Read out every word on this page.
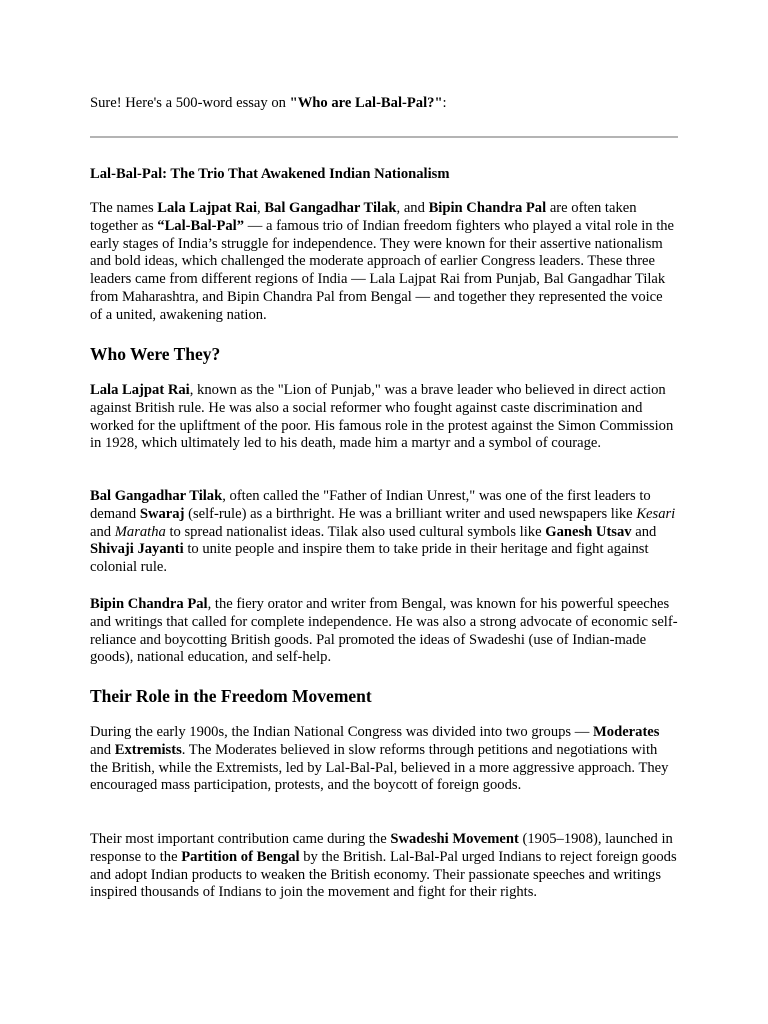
Sure! Here's a 500-word essay on "Who are Lal-Bal-Pal?":

Lal-Bal-Pal: The Trio That Awakened Indian Nationalism

The names Lala Lajpat Rai, Bal Gangadhar Tilak, and Bipin Chandra Pal are often taken together as “Lal-Bal-Pal” — a famous trio of Indian freedom fighters who played a vital role in the early stages of India’s struggle for independence. They were known for their assertive nationalism and bold ideas, which challenged the moderate approach of earlier Congress leaders. These three leaders came from different regions of India — Lala Lajpat Rai from Punjab, Bal Gangadhar Tilak from Maharashtra, and Bipin Chandra Pal from Bengal — and together they represented the voice of a united, awakening nation.

Who Were They?

Lala Lajpat Rai, known as the "Lion of Punjab," was a brave leader who believed in direct action against British rule. He was also a social reformer who fought against caste discrimination and worked for the upliftment of the poor. His famous role in the protest against the Simon Commission in 1928, which ultimately led to his death, made him a martyr and a symbol of courage.

Bal Gangadhar Tilak, often called the "Father of Indian Unrest," was one of the first leaders to demand Swaraj (self-rule) as a birthright. He was a brilliant writer and used newspapers like Kesari and Maratha to spread nationalist ideas. Tilak also used cultural symbols like Ganesh Utsav and Shivaji Jayanti to unite people and inspire them to take pride in their heritage and fight against colonial rule.

Bipin Chandra Pal, the fiery orator and writer from Bengal, was known for his powerful speeches and writings that called for complete independence. He was also a strong advocate of economic self-reliance and boycotting British goods. Pal promoted the ideas of Swadeshi (use of Indian-made goods), national education, and self-help.

Their Role in the Freedom Movement

During the early 1900s, the Indian National Congress was divided into two groups — Moderates and Extremists. The Moderates believed in slow reforms through petitions and negotiations with the British, while the Extremists, led by Lal-Bal-Pal, believed in a more aggressive approach. They encouraged mass participation, protests, and the boycott of foreign goods.

Their most important contribution came during the Swadeshi Movement (1905–1908), launched in response to the Partition of Bengal by the British. Lal-Bal-Pal urged Indians to reject foreign goods and adopt Indian products to weaken the British economy. Their passionate speeches and writings inspired thousands of Indians to join the movement and fight for their rights.
